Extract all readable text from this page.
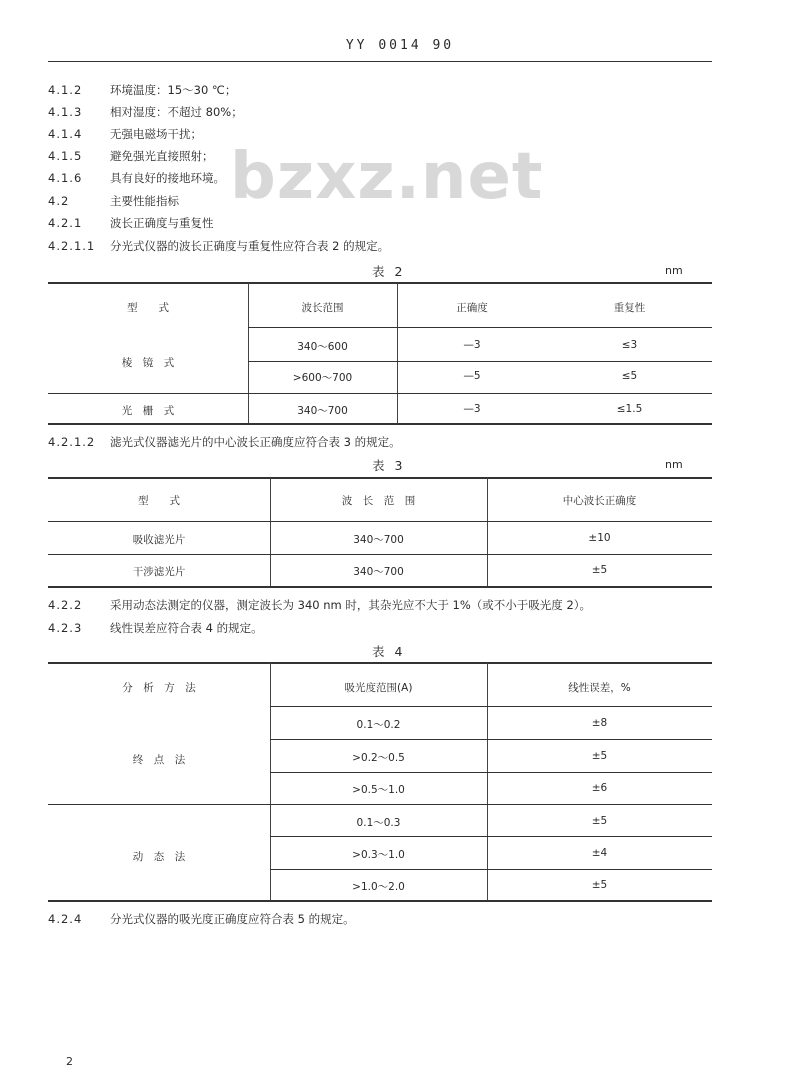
YY 0014 90
bzxz.net
4.1.2 环境温度：15～30 ℃；
4.1.3 相对湿度：不超过 80%；
4.1.4 无强电磁场干扰；
4.1.5 避免强光直接照射；
4.1.6 具有良好的接地环境。
4.2	主要性能指标
4.2.1 波长正确度与重复性
4.2.1.1 分光式仪器的波长正确度与重复性应符合表 2 的规定。
表 2	nm
型　　式	波长范围	正确度	重复性
棱　镜　式
340～600	—3	≤3
>600～700	—5	≤5
光　栅　式	340～700	—3	≤1.5
4.2.1.2 滤光式仪器滤光片的中心波长正确度应符合表 3 的规定。
表 3	nm
型　　式	波　长　范　围	中心波长正确度
吸收滤光片	340～700	±10
干涉滤光片	340～700	±5
4.2.2 采用动态法测定的仪器，测定波长为 340 nm 时，其杂光应不大于 1%（或不小于吸光度 2）。
4.2.3 线性误差应符合表 4 的规定。
表 4
分　析　方　法	吸光度范围(A)	线性误差，%
终　点　法
0.1～0.2	±8
>0.2～0.5	±5
>0.5～1.0	±6
动　态　法
0.1～0.3	±5
>0.3～1.0	±4
>1.0～2.0	±5
4.2.4 分光式仪器的吸光度正确度应符合表 5 的规定。
2
